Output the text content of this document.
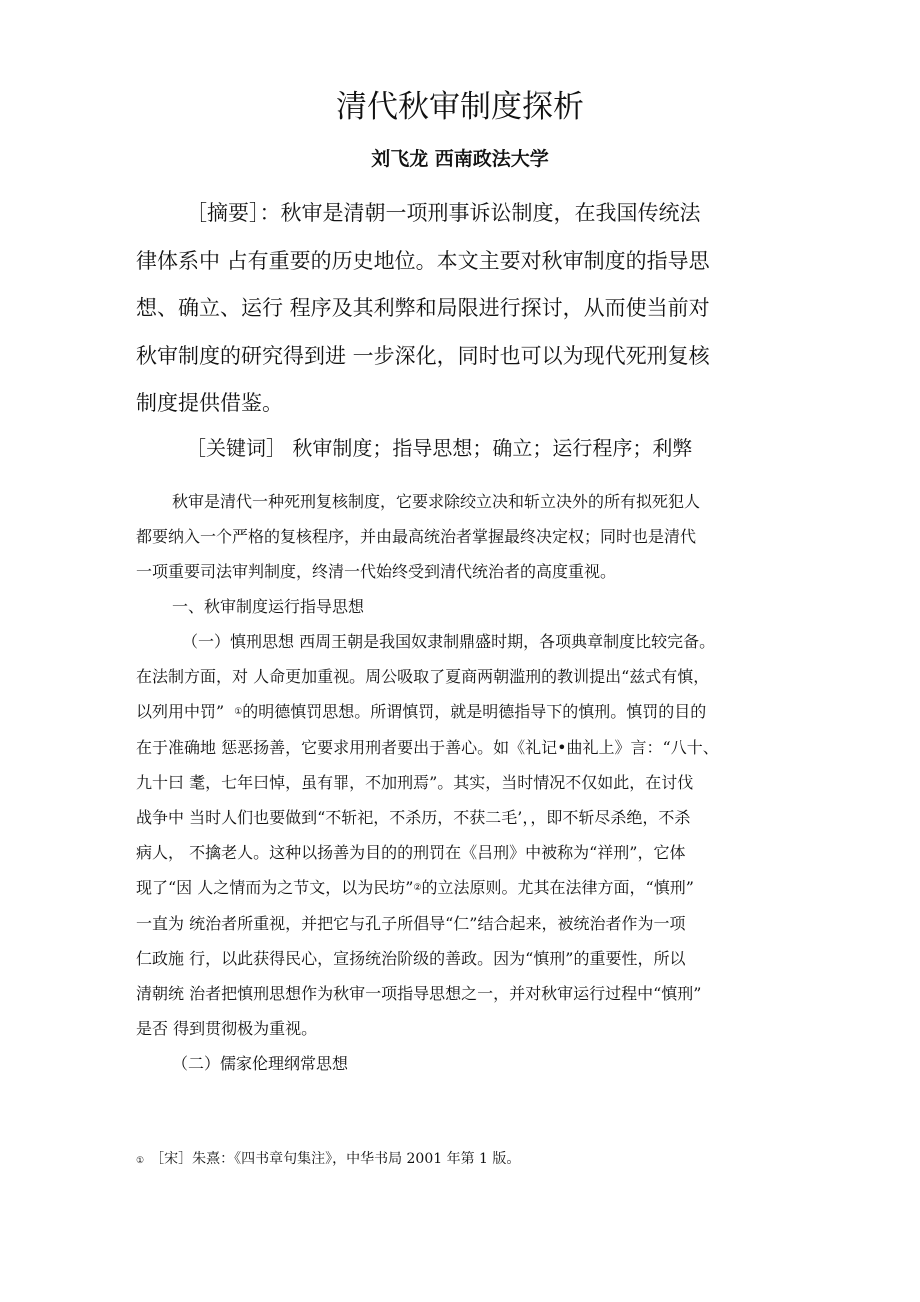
清代秋审制度探析
刘飞龙 西南政法大学
［摘要］：秋审是清朝一项刑事诉讼制度，在我国传统法
律体系中 占有重要的历史地位。本文主要对秋审制度的指导思
想、确立、运行 程序及其利弊和局限进行探讨，从而使当前对
秋审制度的研究得到进 一步深化，同时也可以为现代死刑复核
制度提供借鉴。
［关键词］ 秋审制度；指导思想；确立；运行程序；利弊
秋审是清代一种死刑复核制度，它要求除绞立决和斩立决外的所有拟死犯人
都要纳入一个严格的复核程序，并由最高统治者掌握最终决定权；同时也是清代
一项重要司法审判制度，终清一代始终受到清代统治者的高度重视。
一、秋审制度运行指导思想
（一）慎刑思想 西周王朝是我国奴隶制鼎盛时期，各项典章制度比较完备。
在法制方面，对 人命更加重视。周公吸取了夏商两朝滥刑的教训提出“兹式有慎，
以列用中罚” ①的明德慎罚思想。所谓慎罚，就是明德指导下的慎刑。慎罚的目的
在于准确地 惩恶扬善，它要求用刑者要出于善心。如《礼记•曲礼上》言：“八十、
九十曰 耄，七年曰悼，虽有罪，不加刑焉”。其实，当时情况不仅如此，在讨伐
战争中 当时人们也要做到“不斩祀，不杀历，不获二毛’，，即不斩尽杀绝，不杀
病人， 不擒老人。这种以扬善为目的的刑罚在《吕刑》中被称为“祥刑”，它体
现了“因 人之情而为之节文，以为民坊”②的立法原则。尤其在法律方面，“慎刑”
一直为 统治者所重视，并把它与孔子所倡导“仁”结合起来，被统治者作为一项
仁政施 行，以此获得民心，宣扬统治阶级的善政。因为“慎刑”的重要性，所以
清朝统 治者把慎刑思想作为秋审一项指导思想之一，并对秋审运行过程中“慎刑”
是否 得到贯彻极为重视。
（二）儒家伦理纲常思想
① ［宋］朱熹：《四书章句集注》，中华书局 2001 年第 1 版。
